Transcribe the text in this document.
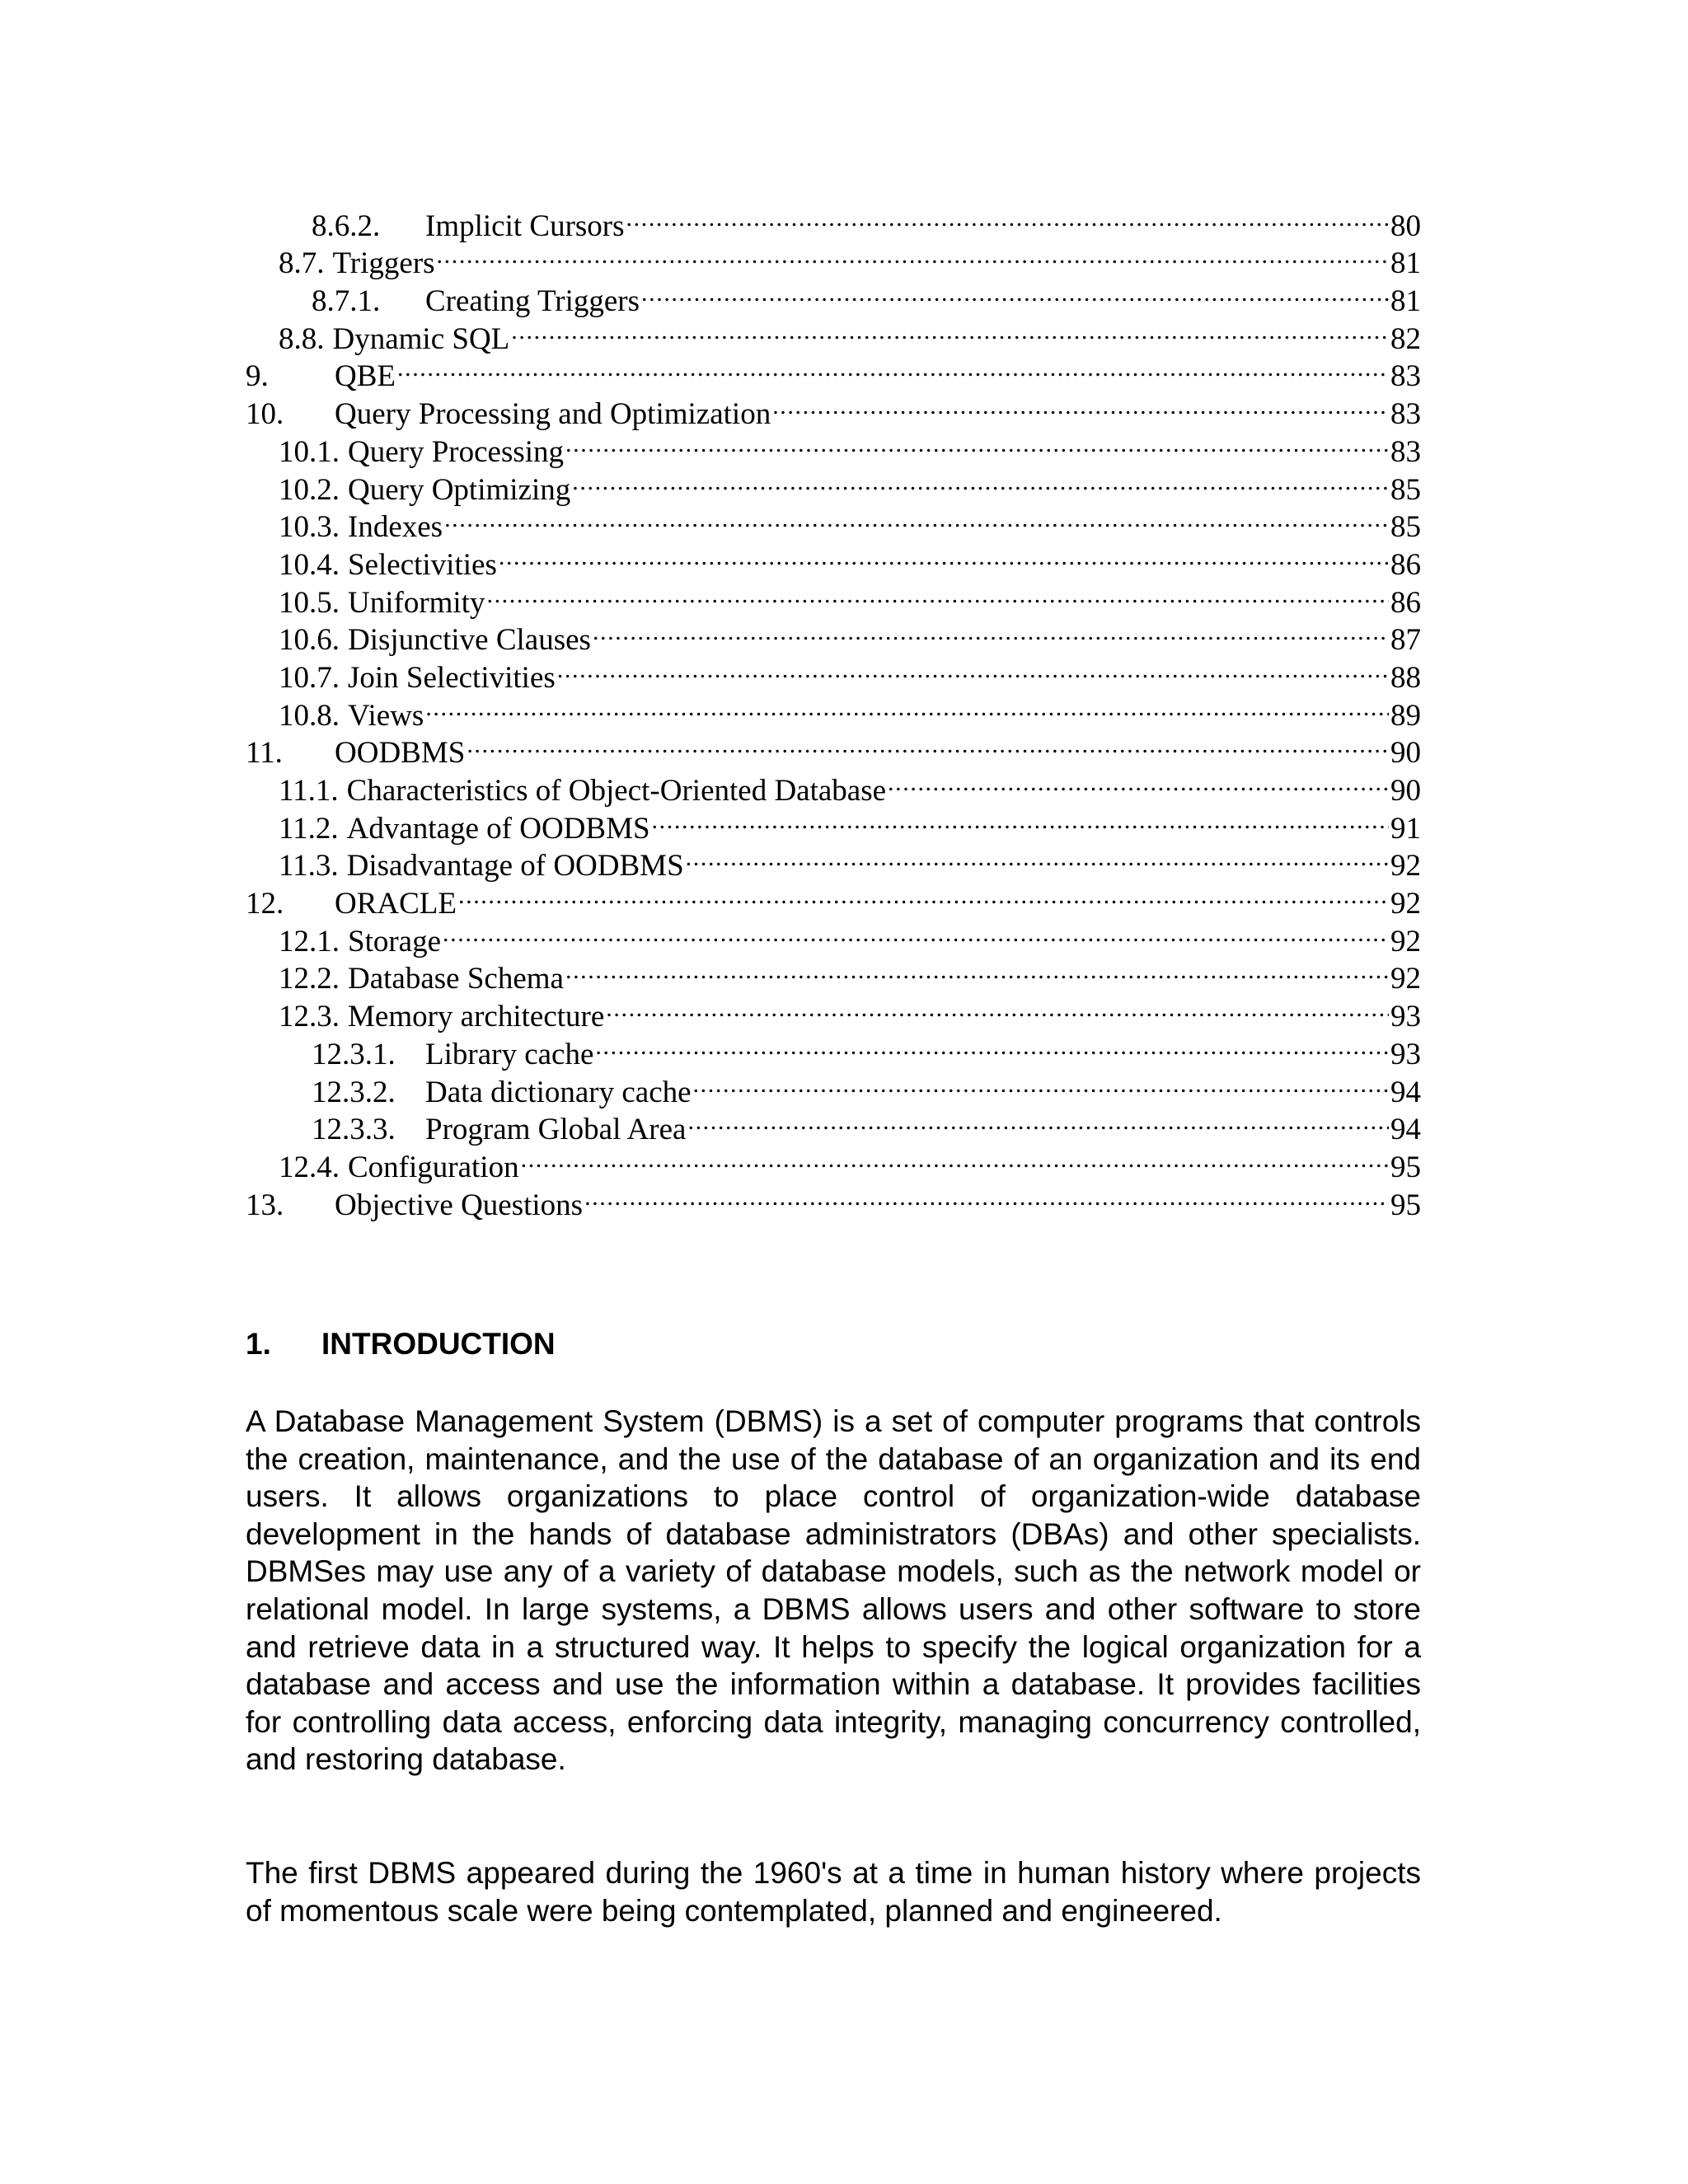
8.6.2.	Implicit Cursors .....	80
8.7. Triggers .....	81
8.7.1.	Creating Triggers .....	81
8.8. Dynamic SQL .....	82
9.	QBE .....	83
10.	Query Processing and Optimization .....	83
10.1. Query Processing .....	83
10.2. Query Optimizing .....	85
10.3. Indexes .....	85
10.4. Selectivities .....	86
10.5. Uniformity .....	86
10.6. Disjunctive Clauses .....	87
10.7. Join Selectivities .....	88
10.8. Views .....	89
11.	OODBMS .....	90
11.1. Characteristics of Object-Oriented Database .....	90
11.2. Advantage of OODBMS .....	91
11.3. Disadvantage of OODBMS .....	92
12.	ORACLE .....	92
12.1. Storage .....	92
12.2. Database Schema .....	92
12.3. Memory architecture .....	93
12.3.1. Library cache .....	93
12.3.2. Data dictionary cache .....	94
12.3.3. Program Global Area .....	94
12.4. Configuration .....	95
13.	Objective Questions .....	95
1. INTRODUCTION

A Database Management System (DBMS) is a set of computer programs that controls the creation, maintenance, and the use of the database of an organization and its end users. It allows organizations to place control of organization-wide database development in the hands of database administrators (DBAs) and other specialists. DBMSes may use any of a variety of database models, such as the network model or relational model. In large systems, a DBMS allows users and other software to store and retrieve data in a structured way. It helps to specify the logical organization for a database and access and use the information within a database. It provides facilities for controlling data access, enforcing data integrity, managing concurrency controlled, and restoring database.

The first DBMS appeared during the 1960's at a time in human history where projects of momentous scale were being contemplated, planned and engineered.
